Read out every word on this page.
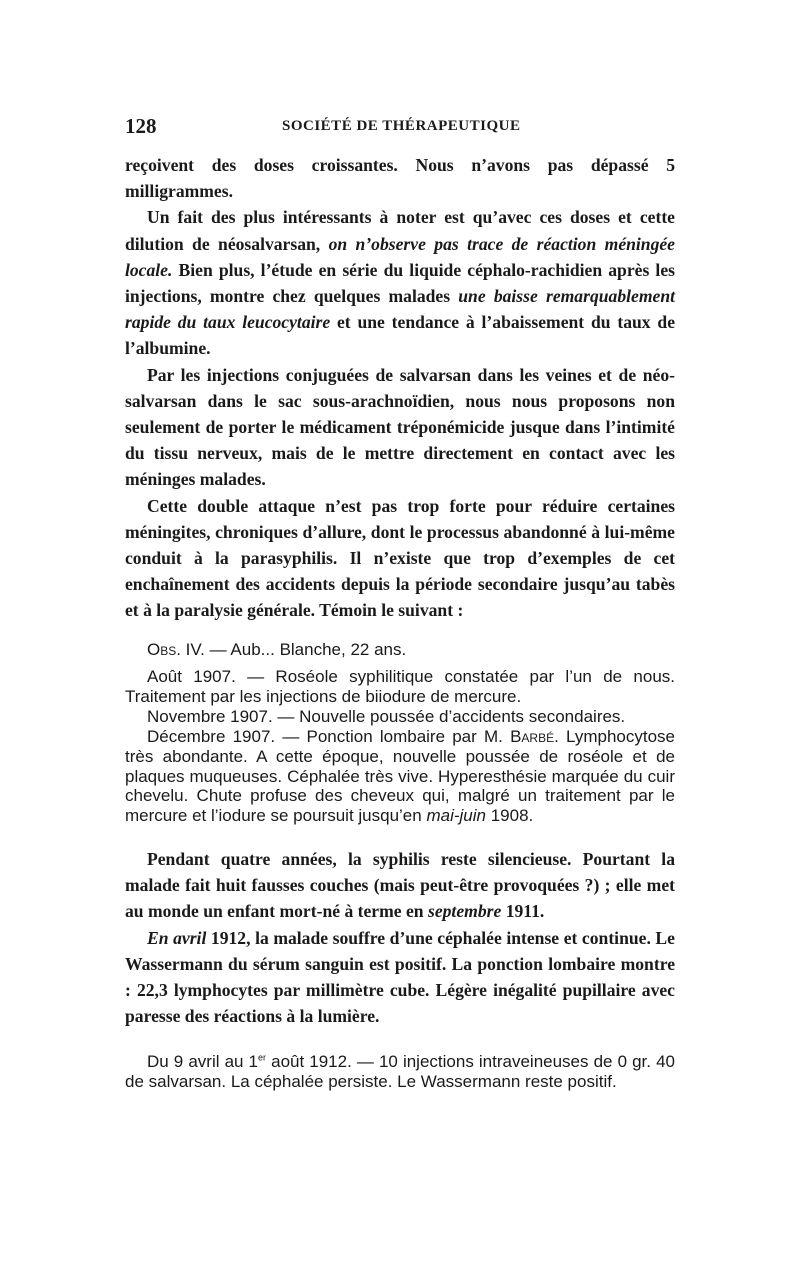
128	SOCIÉTÉ DE THÉRAPEUTIQUE

reçoivent des doses croissantes. Nous n’avons pas dépassé 5 milligrammes.

Un fait des plus intéressants à noter est qu’avec ces doses et cette dilution de néosalvarsan, on n’observe pas trace de réaction méningée locale. Bien plus, l’étude en série du liquide céphalo-rachidien après les injections, montre chez quelques malades une baisse remarquablement rapide du taux leucocytaire et une tendance à l’abaissement du taux de l’albumine.

Par les injections conjuguées de salvarsan dans les veines et de néo-salvarsan dans le sac sous-arachnoïdien, nous nous proposons non seulement de porter le médicament tréponémicide jusque dans l’intimité du tissu nerveux, mais de le mettre directement en contact avec les méninges malades.

Cette double attaque n’est pas trop forte pour réduire certaines méningites, chroniques d’allure, dont le processus abandonné à lui-même conduit à la parasyphilis. Il n’existe que trop d’exemples de cet enchaînement des accidents depuis la période secondaire jusqu’au tabès et à la paralysie générale. Témoin le suivant :

Obs. IV. — Aub... Blanche, 22 ans.

Août 1907. — Roséole syphilitique constatée par l’un de nous. Traitement par les injections de biiodure de mercure.

Novembre 1907. — Nouvelle poussée d’accidents secondaires.

Décembre 1907. — Ponction lombaire par M. Barbé. Lymphocytose très abondante. A cette époque, nouvelle poussée de roséole et de plaques muqueuses. Céphalée très vive. Hyperesthésie marquée du cuir chevelu. Chute profuse des cheveux qui, malgré un traitement par le mercure et l’iodure se poursuit jusqu’en mai-juin 1908.

Pendant quatre années, la syphilis reste silencieuse. Pourtant la malade fait huit fausses couches (mais peut-être provoquées ?) ; elle met au monde un enfant mort-né à terme en septembre 1911.

En avril 1912, la malade souffre d’une céphalée intense et continue. Le Wassermann du sérum sanguin est positif. La ponction lombaire montre : 22,3 lymphocytes par millimètre cube. Légère inégalité pupillaire avec paresse des réactions à la lumière.

Du 9 avril au 1er août 1912. — 10 injections intraveineuses de 0 gr. 40 de salvarsan. La céphalée persiste. Le Wassermann reste positif.
